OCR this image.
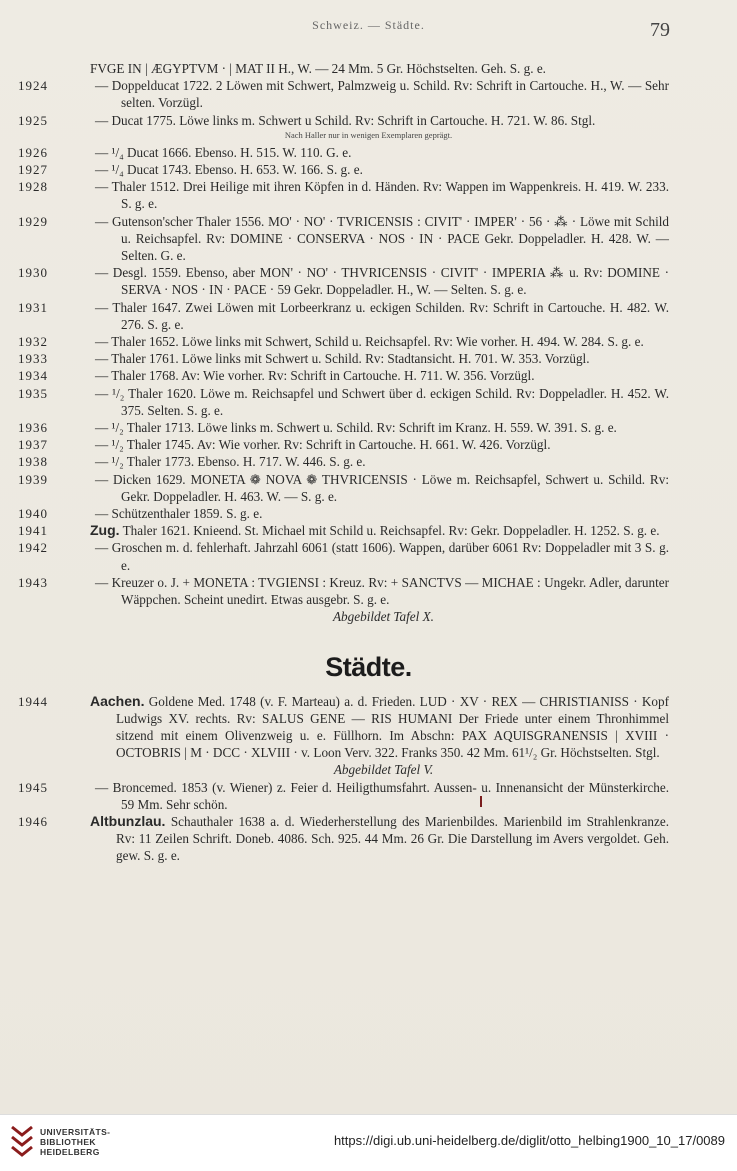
Schweiz. — Städte.	79
FVGE IN | ÆGYPTVM · | MAT II H., W. — 24 Mm. 5 Gr. Höchstselten. Geh. S. g. e.
1924	— Doppelducat 1722. 2 Löwen mit Schwert, Palmzweig u. Schild. Rv: Schrift in Cartouche. H., W. — Sehr selten. Vorzügl.
1925	— Ducat 1775. Löwe links m. Schwert u Schild. Rv: Schrift in Cartouche. H. 721. W. 86. Stgl.

Nach Haller nur in wenigen Exemplaren geprägt.

1926	— ¹/₄ Ducat 1666. Ebenso. H. 515. W. 110. G. e.
1927	— ¹/₄ Ducat 1743. Ebenso. H. 653. W. 166. S. g. e.
1928	— Thaler 1512. Drei Heilige mit ihren Köpfen in d. Händen. Rv: Wappen im Wappenkreis. H. 419. W. 233. S. g. e.
1929	— Gutenson'scher Thaler 1556. MO' · NO' · TVRICENSIS : CIVIT' · IMPER' · 56 · ⁂ · Löwe mit Schild u. Reichsapfel. Rv: DOMINE · CONSERVA · NOS · IN · PACE Gekr. Doppeladler. H. 428. W. — Selten. G. e.
1930	— Desgl. 1559. Ebenso, aber MON' · NO' · THVRICENSIS · CIVIT' · IMPERIA ⁂ u. Rv: DOMINE · SERVA · NOS · IN · PACE · 59 Gekr. Doppeladler. H., W. — Selten. S. g. e.
1931	— Thaler 1647. Zwei Löwen mit Lorbeerkranz u. eckigen Schilden. Rv: Schrift in Cartouche. H. 482. W. 276. S. g. e.
1932	— Thaler 1652. Löwe links mit Schwert, Schild u. Reichsapfel. Rv: Wie vorher. H. 494. W. 284. S. g. e.
1933	— Thaler 1761. Löwe links mit Schwert u. Schild. Rv: Stadtansicht. H. 701. W. 353. Vorzügl.
1934	— Thaler 1768. Av: Wie vorher. Rv: Schrift in Cartouche. H. 711. W. 356. Vorzügl.
1935	— ¹/₂ Thaler 1620. Löwe m. Reichsapfel und Schwert über d. eckigen Schild. Rv: Doppeladler. H. 452. W. 375. Selten. S. g. e.
1936	— ¹/₂ Thaler 1713. Löwe links m. Schwert u. Schild. Rv: Schrift im Kranz. H. 559. W. 391. S. g. e.
1937	— ¹/₂ Thaler 1745. Av: Wie vorher. Rv: Schrift in Cartouche. H. 661. W. 426. Vorzügl.
1938	— ¹/₂ Thaler 1773. Ebenso. H. 717. W. 446. S. g. e.
1939	— Dicken 1629. MONETA ❁ NOVA ❁ THVRICENSIS · Löwe m. Reichsapfel, Schwert u. Schild. Rv: Gekr. Doppeladler. H. 463. W. — S. g. e.
1940	— Schützenthaler 1859. S. g. e.
1941	Zug. Thaler 1621. Knieend. St. Michael mit Schild u. Reichsapfel. Rv: Gekr. Doppeladler. H. 1252. S. g. e.
1942	— Groschen m. d. fehlerhaft. Jahrzahl 6061 (statt 1606). Wappen, darüber 6061 Rv: Doppeladler mit 3 S. g. e.
1943	— Kreuzer o. J. + MONETA : TVGIENSI : Kreuz. Rv: + SANCTVS — MICHAE : Ungekr. Adler, darunter Wäppchen. Scheint unedirt. Etwas ausgebr. S. g. e.

Abgebildet Tafel X.

Städte.
1944	Aachen. Goldene Med. 1748 (v. F. Marteau) a. d. Frieden. LUD · XV · REX — CHRISTIANISS · Kopf Ludwigs XV. rechts. Rv: SALUS GENE — RIS HUMANI Der Friede unter einem Thronhimmel sitzend mit einem Olivenzweig u. e. Füllhorn. Im Abschn: PAX AQUISGRANENSIS | XVIII · OCTOBRIS | M · DCC · XLVIII · v. Loon Verv. 322. Franks 350. 42 Mm. 61¹/₂ Gr. Höchstselten. Stgl.

Abgebildet Tafel V.

1945	— Broncemed. 1853 (v. Wiener) z. Feier d. Heiligthumsfahrt. Aussen- u. Innenansicht der Münsterkirche. 59 Mm. Sehr schön.
1946	Altbunzlau. Schauthaler 1638 a. d. Wiederherstellung des Marienbildes. Marienbild im Strahlenkranze. Rv: 11 Zeilen Schrift. Doneb. 4086. Sch. 925. 44 Mm. 26 Gr. Die Darstellung im Avers vergoldet. Geh. gew. S. g. e.
UNIVERSITÄTS-
BIBLIOTHEK
HEIDELBERG
https://digi.ub.uni-heidelberg.de/diglit/otto_helbing1900_10_17/0089
